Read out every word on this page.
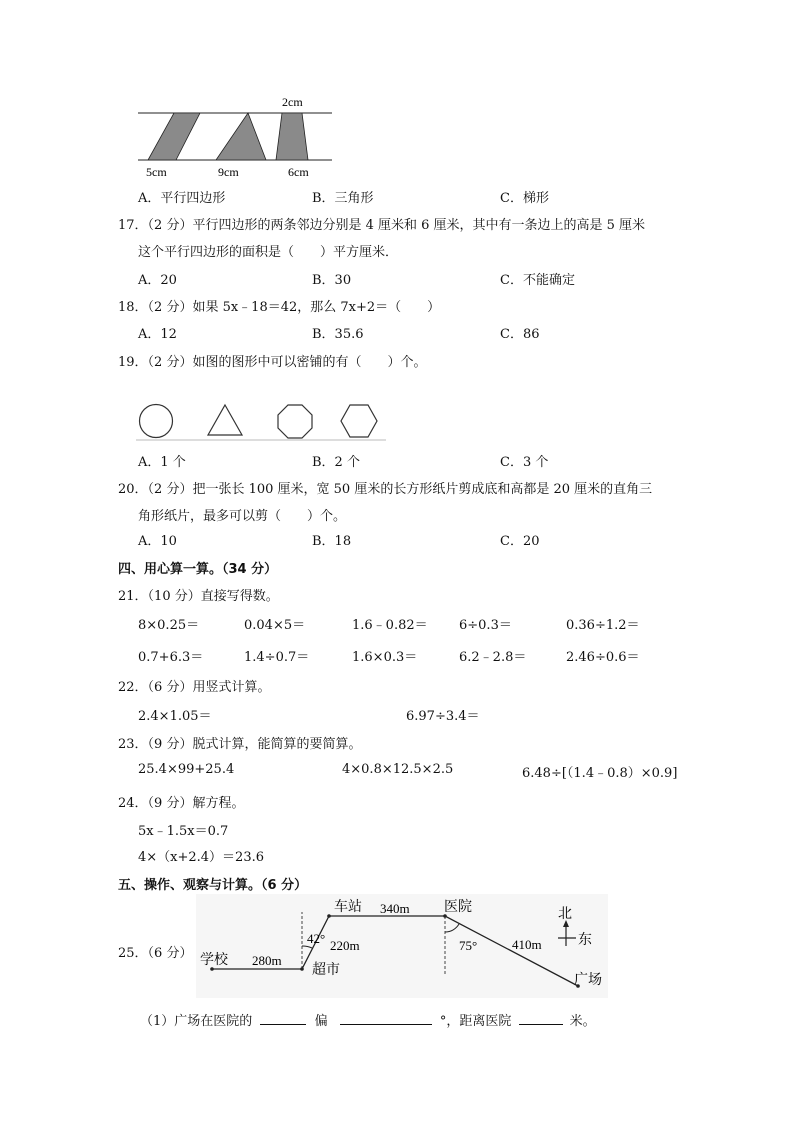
2cm
5cm	9cm	6cm
A．平行四边形	B．三角形	C．梯形
17．（2 分）平行四边形的两条邻边分别是 4 厘米和 6 厘米，其中有一条边上的高是 5 厘米
这个平行四边形的面积是（　　）平方厘米．
A．20	B．30	C．不能确定
18．（2 分）如果 5x﹣18＝42，那么 7x+2＝（　　）
A．12	B．35.6	C．86
19．（2 分）如图的图形中可以密铺的有（　　）个。
A．1 个	B．2 个	C．3 个
20．（2 分）把一张长 100 厘米，宽 50 厘米的长方形纸片剪成底和高都是 20 厘米的直角三
角形纸片，最多可以剪（　　）个。
A．10	B．18	C．20
四、用心算一算。（34 分）
21．（10 分）直接写得数。
8×0.25＝	0.04×5＝	1.6﹣0.82＝ 6÷0.3＝	0.36÷1.2＝
0.7+6.3＝	1.4÷0.7＝	1.6×0.3＝	6.2﹣2.8＝	2.46÷0.6＝
22．（6 分）用竖式计算。
2.4×1.05＝	6.97÷3.4＝
23．（9 分）脱式计算，能简算的要简算。
25.4×99+25.4	4×0.8×12.5×2.5	6.48÷[（1.4﹣0.8）×0.9]
24．（9 分）解方程。
5x﹣1.5x＝0.7
4×（x+2.4）＝23.6
五、操作、观察与计算。（6 分）
25．（6 分） 学校
超市
车站	医院
广场
北
东
280m
220m
340m
410m
42°	75°
（1）广场在医院的	偏	°，距离医院	米。
